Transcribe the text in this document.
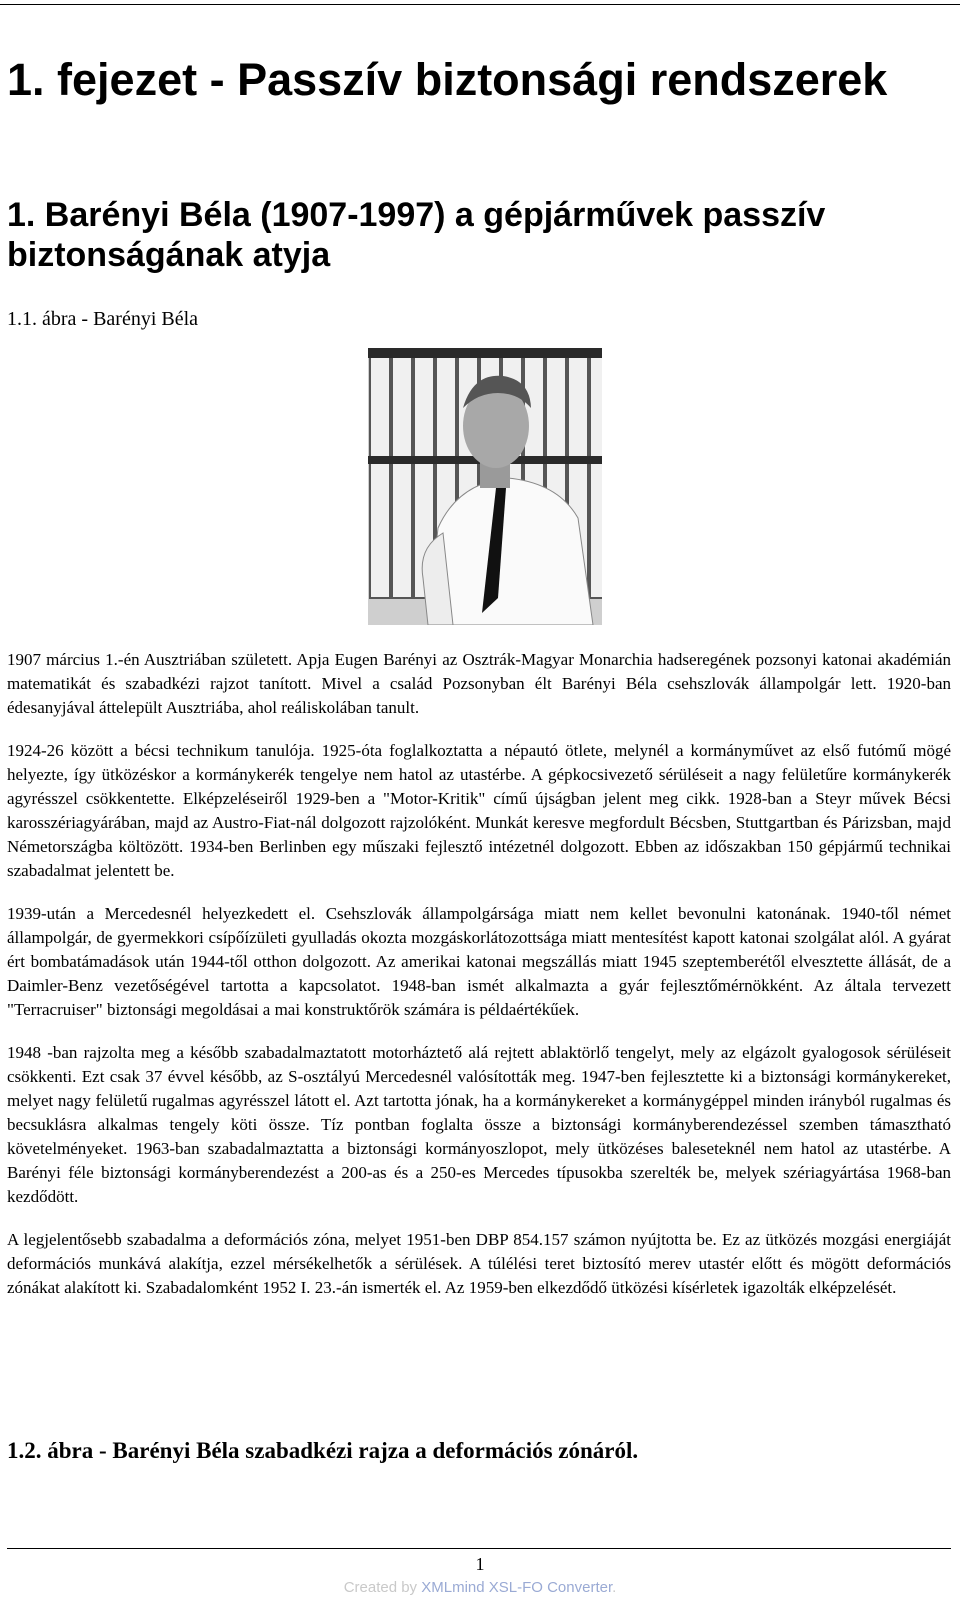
1. fejezet - Passzív biztonsági rendszerek
1. Barényi Béla (1907-1997) a gépjárművek passzív biztonságának atyja

1.1. ábra - Barényi Béla

1907 március 1.-én Ausztriában született. Apja Eugen Barényi az Osztrák-Magyar Monarchia hadseregének pozsonyi katonai akadémián matematikát és szabadkézi rajzot tanított. Mivel a család Pozsonyban élt Barényi Béla csehszlovák állampolgár lett. 1920-ban édesanyjával áttelepült Ausztriába, ahol reáliskolában tanult.

1924-26 között a bécsi technikum tanulója. 1925-óta foglalkoztatta a népautó ötlete, melynél a kormányművet az első futómű mögé helyezte, így ütközéskor a kormánykerék tengelye nem hatol az utastérbe. A gépkocsivezető sérüléseit a nagy felületűre kormánykerék agyrésszel csökkentette. Elképzeléseiről 1929-ben a "Motor-Kritik" című újságban jelent meg cikk. 1928-ban a Steyr művek Bécsi karosszériagyárában, majd az Austro-Fiat-nál dolgozott rajzolóként. Munkát keresve megfordult Bécsben, Stuttgartban és Párizsban, majd Németországba költözött. 1934-ben Berlinben egy műszaki fejlesztő intézetnél dolgozott. Ebben az időszakban 150 gépjármű technikai szabadalmat jelentett be.

1939-után a Mercedesnél helyezkedett el. Csehszlovák állampolgársága miatt nem kellet bevonulni katonának. 1940-től német állampolgár, de gyermekkori csípőízületi gyulladás okozta mozgáskorlátozottsága miatt mentesítést kapott katonai szolgálat alól. A gyárat ért bombatámadások után 1944-től otthon dolgozott. Az amerikai katonai megszállás miatt 1945 szeptemberétől elvesztette állását, de a Daimler-Benz vezetőségével tartotta a kapcsolatot. 1948-ban ismét alkalmazta a gyár fejlesztőmérnökként. Az általa tervezett "Terracruiser" biztonsági megoldásai a mai konstruktőrök számára is példaértékűek.

1948 -ban rajzolta meg a később szabadalmaztatott motorháztető alá rejtett ablaktörlő tengelyt, mely az elgázolt gyalogosok sérüléseit csökkenti. Ezt csak 37 évvel később, az S-osztályú Mercedesnél valósították meg. 1947-ben fejlesztette ki a biztonsági kormánykereket, melyet nagy felületű rugalmas agyrésszel látott el. Azt tartotta jónak, ha a kormánykereket a kormánygéppel minden irányból rugalmas és becsuklásra alkalmas tengely köti össze. Tíz pontban foglalta össze a biztonsági kormányberendezéssel szemben támasztható követelményeket. 1963-ban szabadalmaztatta a biztonsági kormányoszlopot, mely ütközéses baleseteknél nem hatol az utastérbe. A Barényi féle biztonsági kormányberendezést a 200-as és a 250-es Mercedes típusokba szerelték be, melyek szériagyártása 1968-ban kezdődött.

A legjelentősebb szabadalma a deformációs zóna, melyet 1951-ben DBP 854.157 számon nyújtotta be. Ez az ütközés mozgási energiáját deformációs munkává alakítja, ezzel mérsékelhetők a sérülések. A túlélési teret biztosító merev utastér előtt és mögött deformációs zónákat alakított ki. Szabadalomként 1952 I. 23.-án ismerték el. Az 1959-ben elkezdődő ütközési kísérletek igazolták elképzelését.

1.2. ábra - Barényi Béla szabadkézi rajza a deformációs zónáról.

1
Created by XMLmind XSL-FO Converter.
